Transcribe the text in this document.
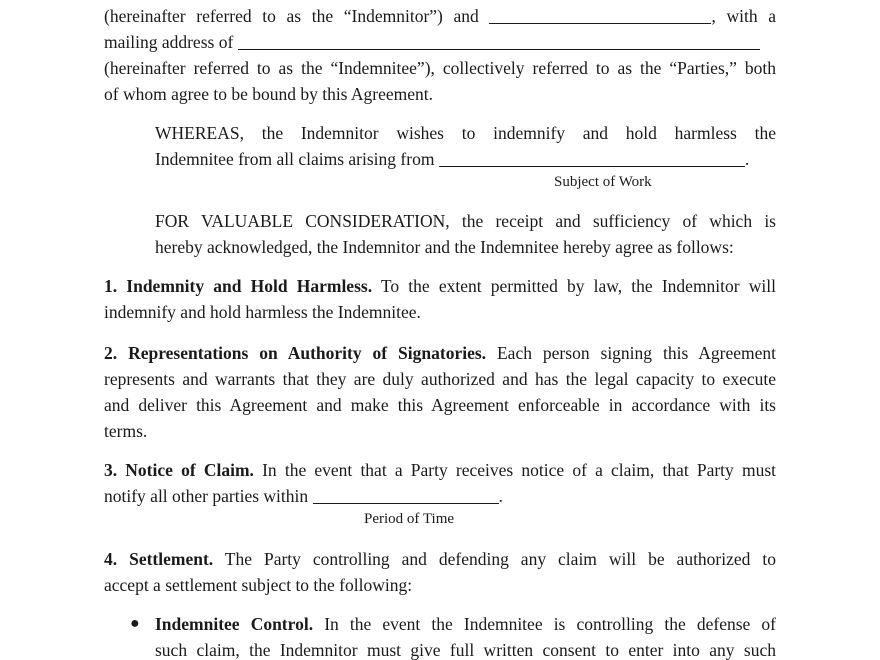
(hereinafter referred to as the “Indemnitor”) and	, with a
mailing address of
(hereinafter referred to as the “Indemnitee”), collectively referred to as the “Parties,” both
of whom agree to be bound by this Agreement.
WHEREAS, the Indemnitor wishes to indemnify and hold harmless the
Indemnitee from all claims arising from	.
Subject of Work
FOR VALUABLE CONSIDERATION, the receipt and sufficiency of which is
hereby acknowledged, the Indemnitor and the Indemnitee hereby agree as follows:
1. Indemnity and Hold Harmless. To the extent permitted by law, the Indemnitor will
indemnify and hold harmless the Indemnitee.
2. Representations on Authority of Signatories. Each person signing this Agreement
represents and warrants that they are duly authorized and has the legal capacity to execute
and deliver this Agreement and make this Agreement enforceable in accordance with its
terms.
3. Notice of Claim. In the event that a Party receives notice of a claim, that Party must
notify all other parties within	.
Period of Time
4. Settlement. The Party controlling and defending any claim will be authorized to
accept a settlement subject to the following:
● Indemnitee Control. In the event the Indemnitee is controlling the defense of
such claim, the Indemnitor must give full written consent to enter into any such
